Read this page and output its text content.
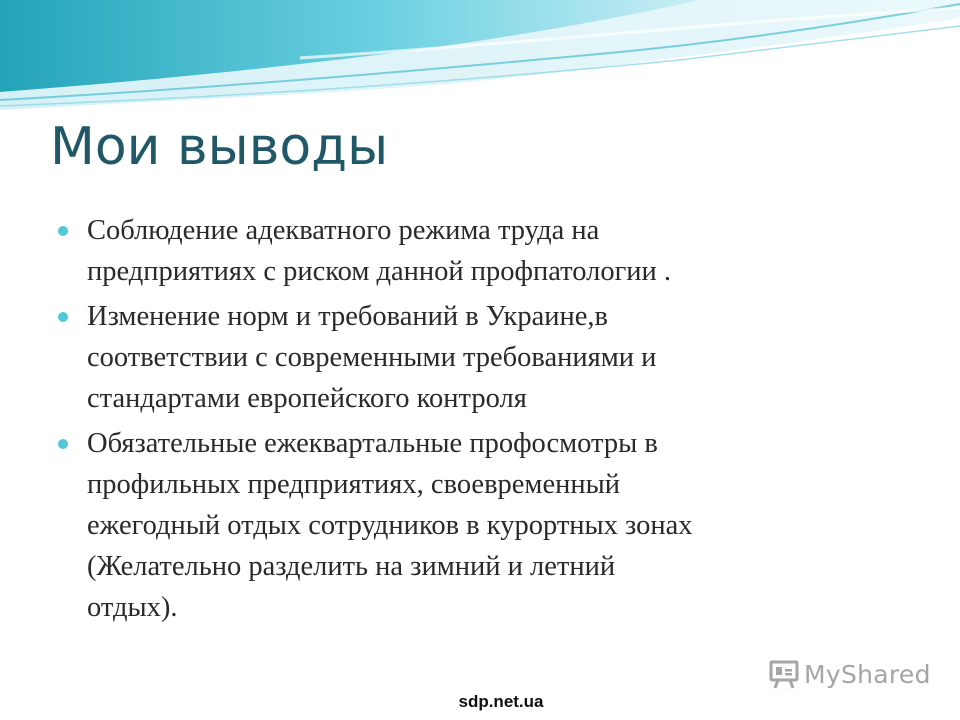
Мои выводы
Соблюдение адекватного режима труда на
предприятиях с риском данной профпатологии .
Изменение норм и требований в Украине,в
соответствии с современными требованиями и
стандартами европейского контроля
Обязательные ежеквартальные профосмотры в
профильных предприятиях, своевременный
ежегодный отдых сотрудников в курортных зонах
(Желательно разделить на зимний и летний
отдых).
MyShared
sdp.net.ua
